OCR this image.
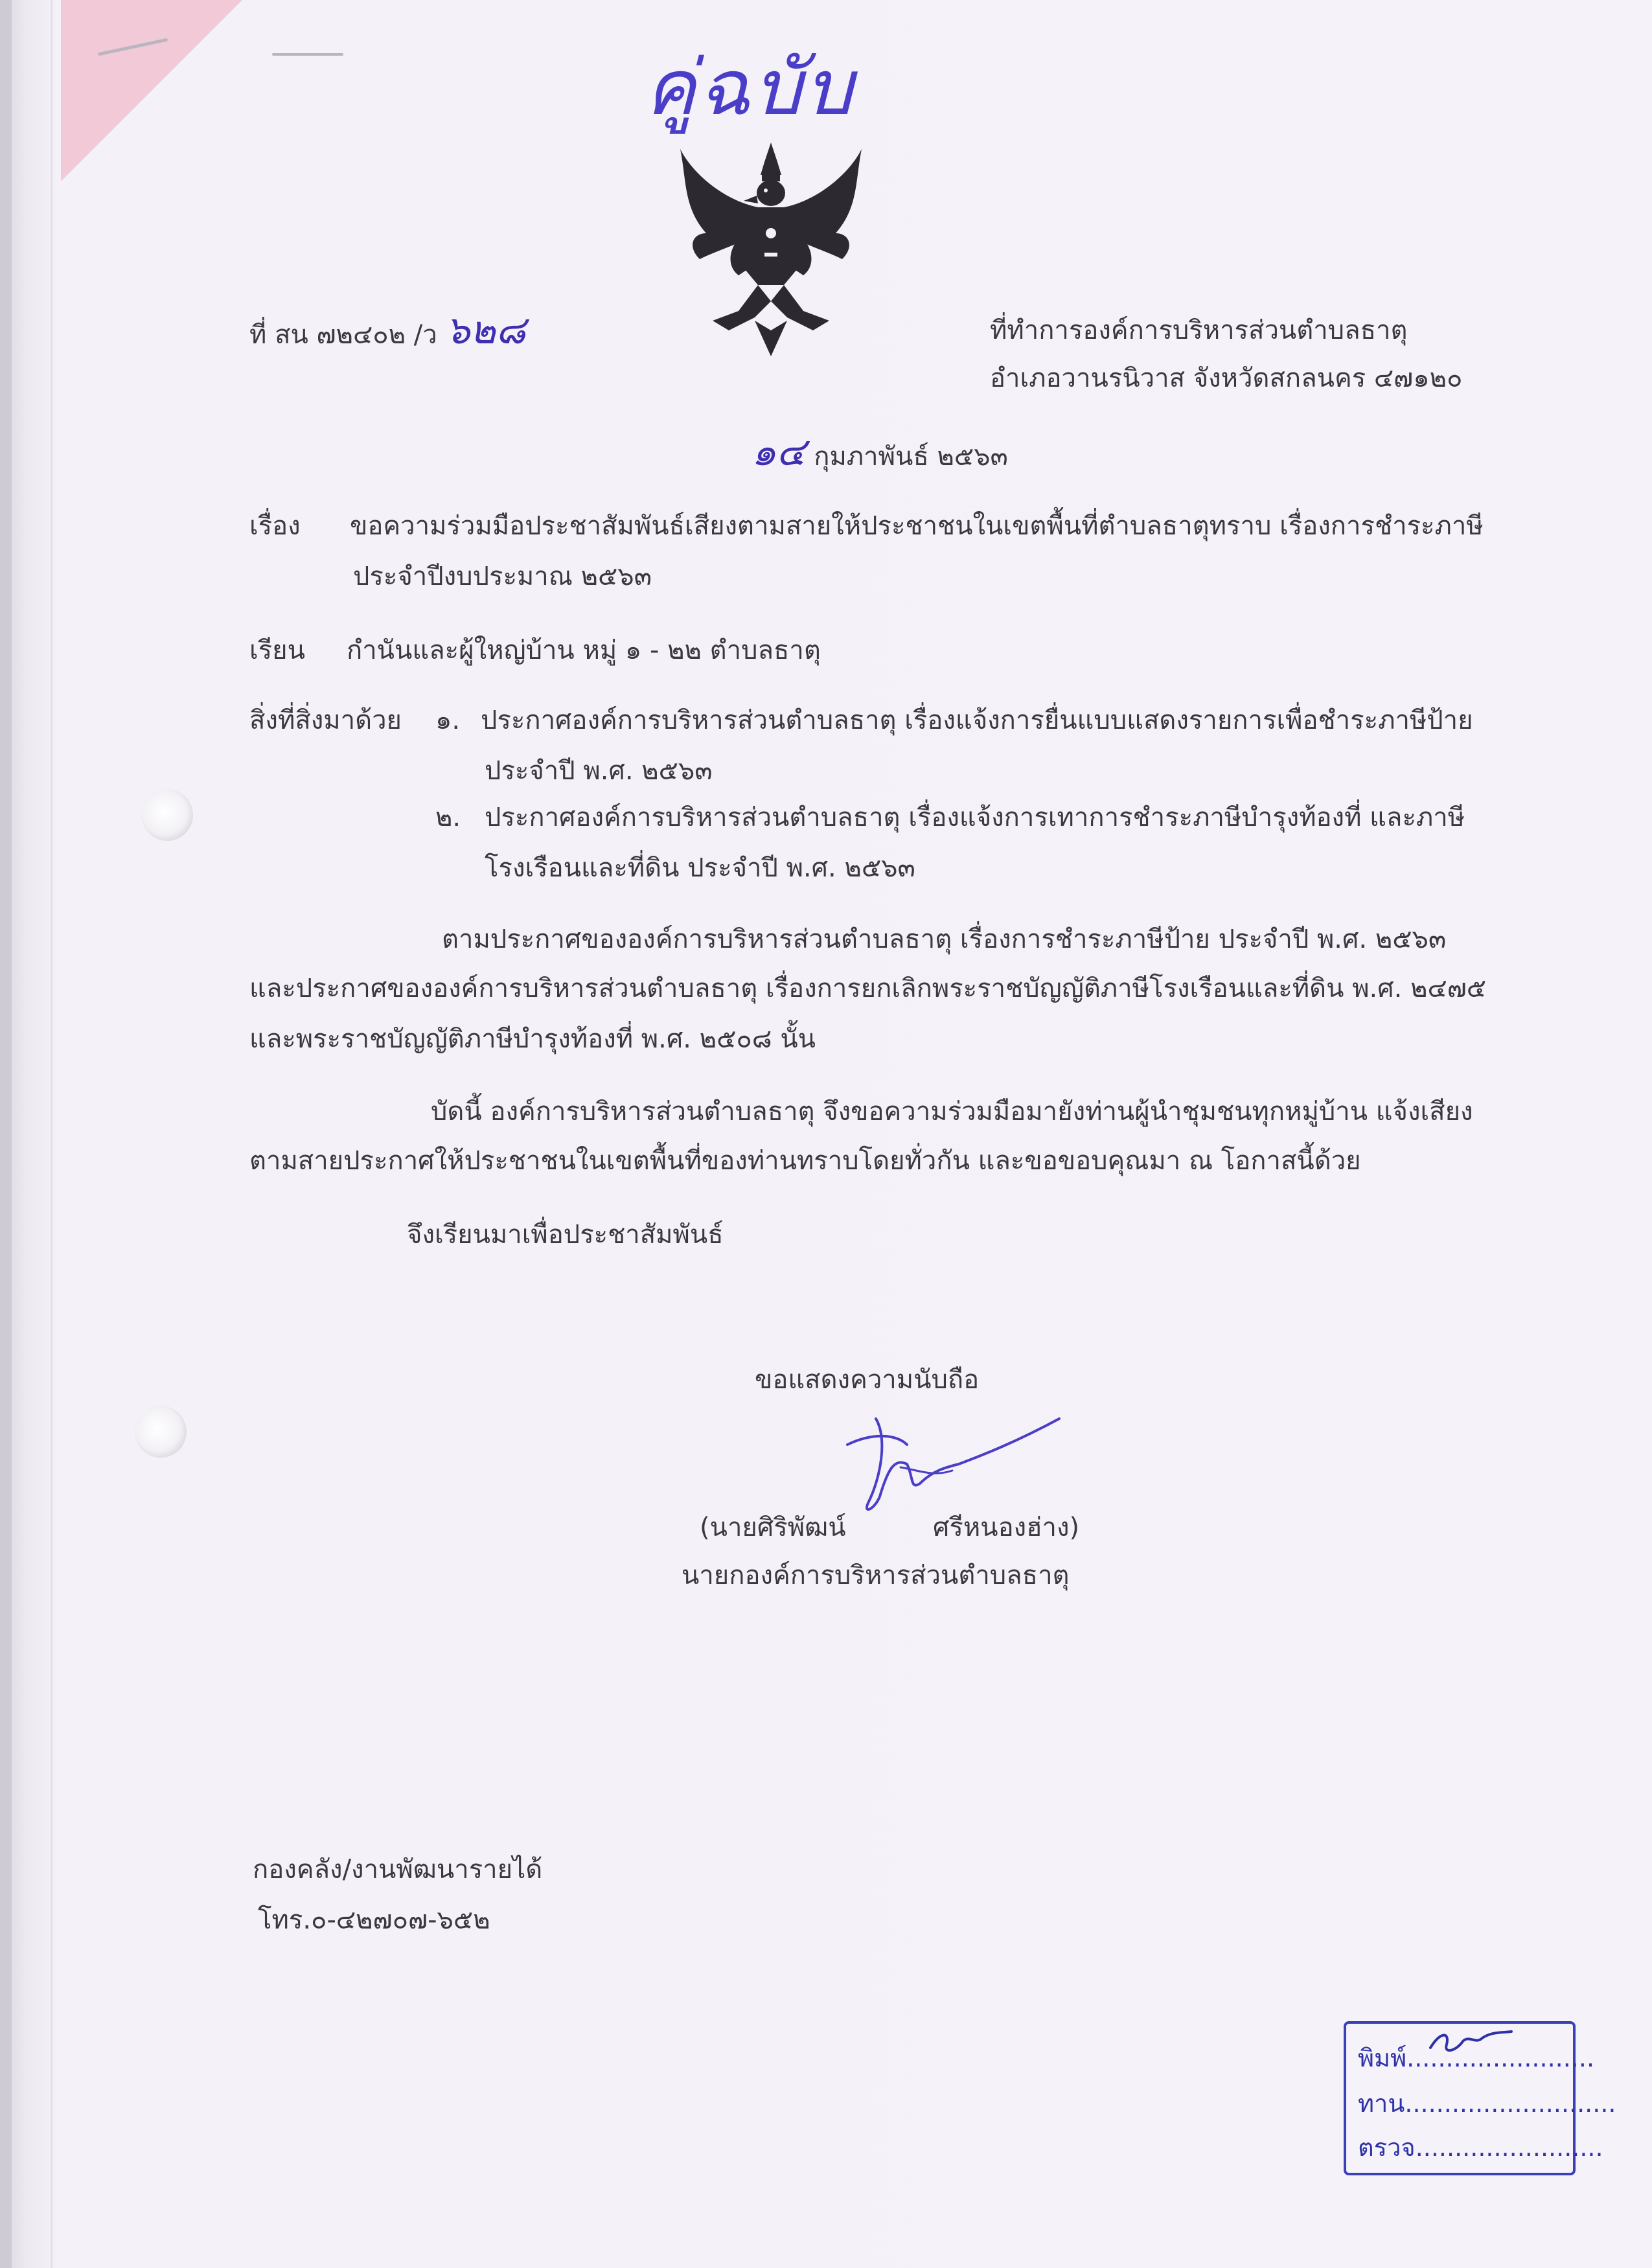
คู่ฉบับ
ที่ สน ๗๒๔๐๒ /ว ๖๒๘	ที่ทำการองค์การบริหารส่วนตำบลธาตุ
อำเภอวานรนิวาส จังหวัดสกลนคร ๔๗๑๒๐
๑๔ กุมภาพันธ์ ๒๕๖๓
เรื่อง ขอความร่วมมือประชาสัมพันธ์เสียงตามสายให้ประชาชนในเขตพื้นที่ตำบลธาตุทราบ เรื่องการชำระภาษี
ประจำปีงบประมาณ ๒๕๖๓
เรียน กำนันและผู้ใหญ่บ้าน หมู่ ๑ - ๒๒ ตำบลธาตุ
สิ่งที่สิ่งมาด้วย ๑. ประกาศองค์การบริหารส่วนตำบลธาตุ เรื่องแจ้งการยื่นแบบแสดงรายการเพื่อชำระภาษีป้าย
ประจำปี พ.ศ. ๒๕๖๓
๒. ประกาศองค์การบริหารส่วนตำบลธาตุ เรื่องแจ้งการเทาการชำระภาษีบำรุงท้องที่ และภาษี
โรงเรือนและที่ดิน ประจำปี พ.ศ. ๒๕๖๓
ตามประกาศขององค์การบริหารส่วนตำบลธาตุ เรื่องการชำระภาษีป้าย ประจำปี พ.ศ. ๒๕๖๓
และประกาศขององค์การบริหารส่วนตำบลธาตุ เรื่องการยกเลิกพระราชบัญญัติภาษีโรงเรือนและที่ดิน พ.ศ. ๒๔๗๕
และพระราชบัญญัติภาษีบำรุงท้องที่ พ.ศ. ๒๕๐๘ นั้น
บัดนี้ องค์การบริหารส่วนตำบลธาตุ จึงขอความร่วมมือมายังท่านผู้นำชุมชนทุกหมู่บ้าน แจ้งเสียง
ตามสายประกาศให้ประชาชนในเขตพื้นที่ของท่านทราบโดยทั่วกัน และขอขอบคุณมา ณ โอกาสนี้ด้วย
จึงเรียนมาเพื่อประชาสัมพันธ์
ขอแสดงความนับถือ
(นายศิริพัฒน์	ศรีหนองฮ่าง)
นายกองค์การบริหารส่วนตำบลธาตุ
กองคลัง/งานพัฒนารายได้
โทร.๐-๔๒๗๐๗-๖๕๒
พิมพ์........................
ทาน...........................
ตรวจ........................
